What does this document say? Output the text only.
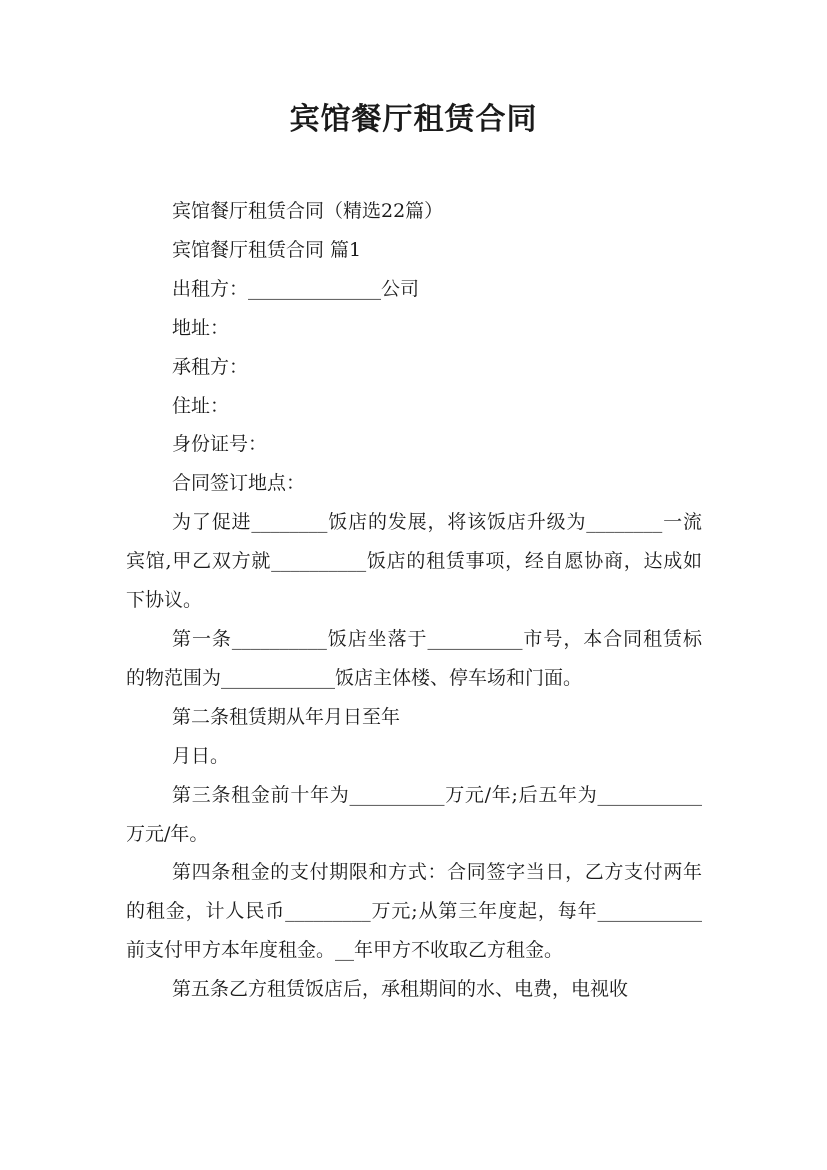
宾馆餐厅租赁合同

宾馆餐厅租赁合同（精选22篇）

宾馆餐厅租赁合同 篇1

出租方：______________公司

地址：

承租方：

住址：

身份证号：

合同签订地点：

为了促进________饭店的发展，将该饭店升级为________一流宾馆,甲乙双方就__________饭店的租赁事项，经自愿协商，达成如下协议。

第一条__________饭店坐落于__________市号，本合同租赁标的物范围为____________饭店主体楼、停车场和门面。

第二条租赁期从年月日至年

月日。

第三条租金前十年为__________万元/年;后五年为___________万元/年。

第四条租金的支付期限和方式：合同签字当日，乙方支付两年的租金，计人民币_________万元;从第三年度起，每年___________前支付甲方本年度租金。__年甲方不收取乙方租金。

第五条乙方租赁饭店后，承租期间的水、电费，电视收
